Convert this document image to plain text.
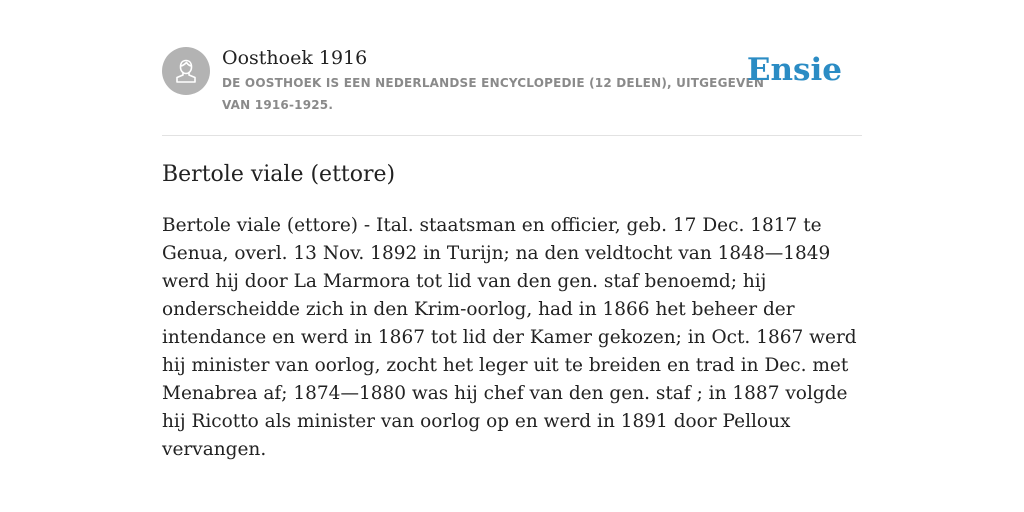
Oosthoek 1916
DE OOSTHOEK IS EEN NEDERLANDSE ENCYCLOPEDIE (12 DELEN), UITGEGEVEN VAN 1916-1925.
Ensie
Bertole viale (ettore)

Bertole viale (ettore) - Ital. staatsman en officier, geb. 17 Dec. 1817 te Genua, overl. 13 Nov. 1892 in Turijn; na den veldtocht van 1848—1849 werd hij door La Marmora tot lid van den gen. staf benoemd; hij onderscheidde zich in den Krim-oorlog, had in 1866 het beheer der intendance en werd in 1867 tot lid der Kamer gekozen; in Oct. 1867 werd hij minister van oorlog, zocht het leger uit te breiden en trad in Dec. met Menabrea af; 1874—1880 was hij chef van den gen. staf ; in 1887 volgde hij Ricotto als minister van oorlog op en werd in 1891 door Pelloux vervangen.
